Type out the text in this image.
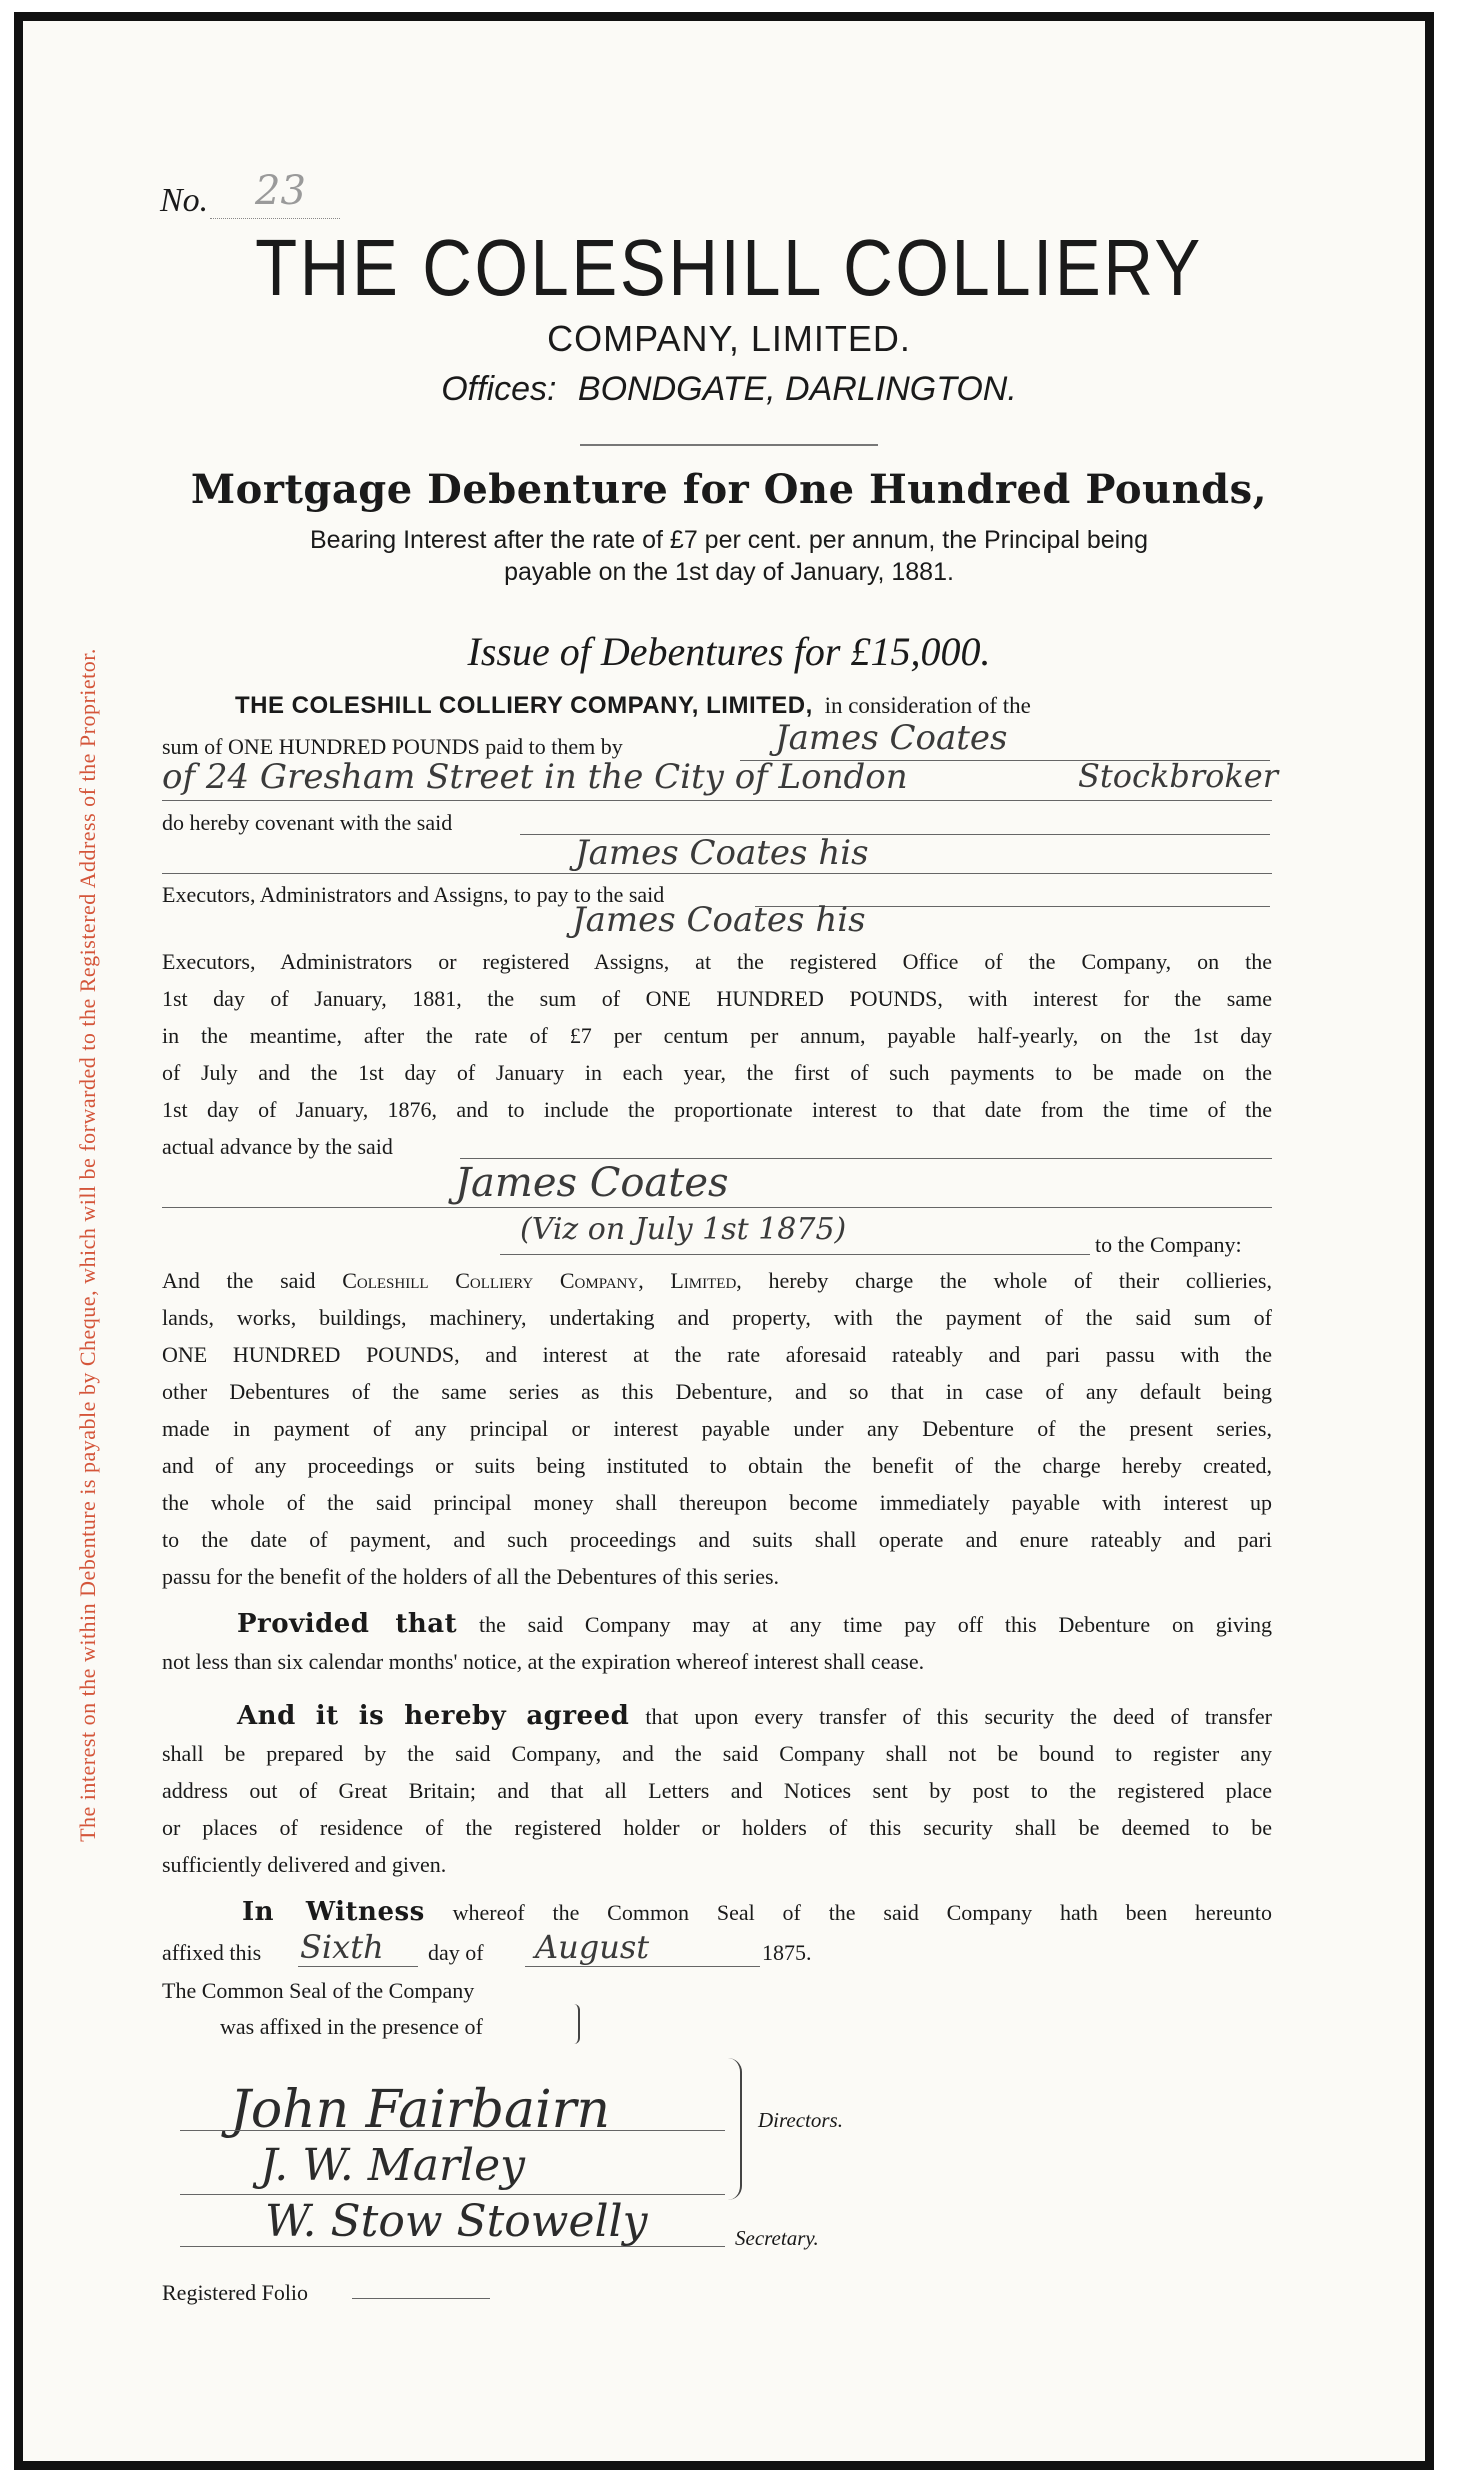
The interest on the within Debenture is payable by Cheque, which will be forwarded to the Registered Address of the Proprietor.
No. 23
THE COLESHILL COLLIERY
COMPANY, LIMITED.
Offices: BONDGATE, DARLINGTON.
Mortgage Debenture for One Hundred Pounds,
Bearing Interest after the rate of £7 per cent. per annum, the Principal being
payable on the 1st day of January, 1881.
Issue of Debentures for £15,000.
THE COLESHILL COLLIERY COMPANY, LIMITED, in consideration of the
sum of ONE HUNDRED POUNDS paid to them by	James Coates
of 24 Gresham Street in the City of London	Stockbroker
do hereby covenant with the said
James Coates his
Executors, Administrators and Assigns, to pay to the said
James Coates his
Executors, Administrators or registered Assigns, at the registered Office of the Company, on the
1st day of January, 1881, the sum of ONE HUNDRED POUNDS, with interest for the same
in the meantime, after the rate of £7 per centum per annum, payable half-yearly, on the 1st day
of July and the 1st day of January in each year, the first of such payments to be made on the
1st day of January, 1876, and to include the proportionate interest to that date from the time of the
actual advance by the said
James Coates
(Viz on July 1st 1875)	to the Company:
And the said Coleshill Colliery Company, Limited, hereby charge the whole of their collieries,
lands, works, buildings, machinery, undertaking and property, with the payment of the said sum of
ONE HUNDRED POUNDS, and interest at the rate aforesaid rateably and pari passu with the
other Debentures of the same series as this Debenture, and so that in case of any default being
made in payment of any principal or interest payable under any Debenture of the present series,
and of any proceedings or suits being instituted to obtain the benefit of the charge hereby created,
the whole of the said principal money shall thereupon become immediately payable with interest up
to the date of payment, and such proceedings and suits shall operate and enure rateably and pari
passu for the benefit of the holders of all the Debentures of this series.
Provided that the said Company may at any time pay off this Debenture on giving
not less than six calendar months' notice, at the expiration whereof interest shall cease.
And it is hereby agreed that upon every transfer of this security the deed of transfer
shall be prepared by the said Company, and the said Company shall not be bound to register any
address out of Great Britain; and that all Letters and Notices sent by post to the registered place
or places of residence of the registered holder or holders of this security shall be deemed to be
sufficiently delivered and given.
In Witness whereof the Common Seal of the said Company hath been hereunto
affixed this Sixth day of August	1875.
The Common Seal of the Company
was affixed in the presence of
John Fairbairn
J. W. Marley
W. Stow Stowelly
Directors.
Secretary.
Registered Folio
